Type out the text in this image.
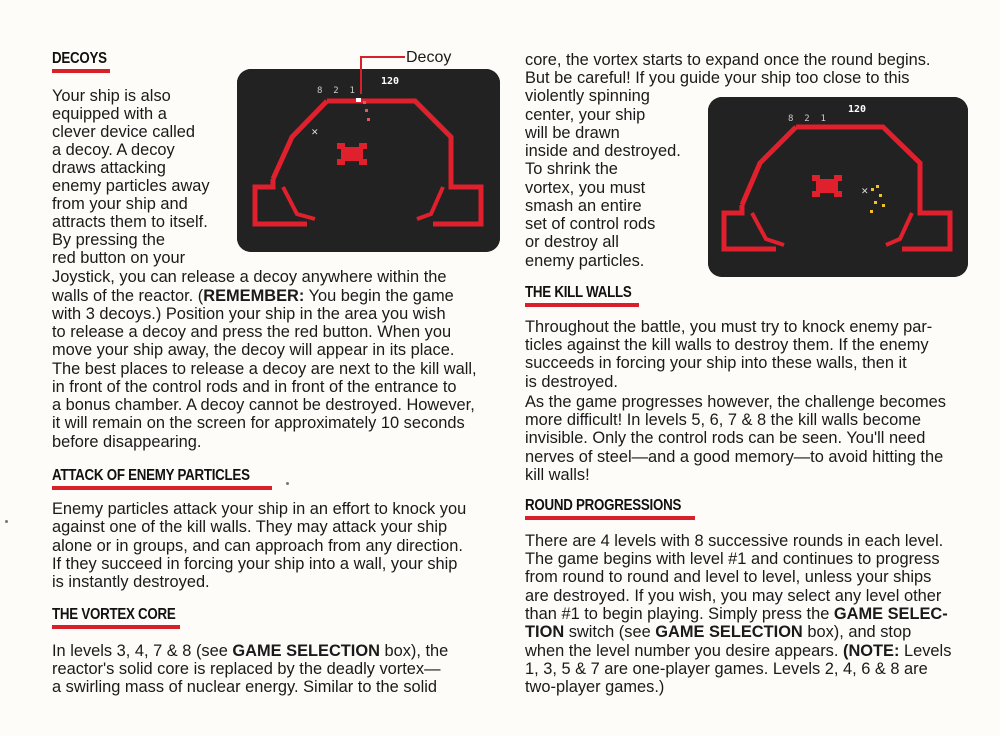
DECOYS

Your ship is also

equipped with a

clever device called

a decoy. A decoy

draws attacking

enemy particles away

from your ship and

attracts them to itself.

By pressing the

red button on your

120
8  2  1
✕
Decoy

Joystick, you can release a decoy anywhere within the

walls of the reactor. (REMEMBER: You begin the game

with 3 decoys.) Position your ship in the area you wish

to release a decoy and press the red button. When you

move your ship away, the decoy will appear in its place.

The best places to release a decoy are next to the kill wall,

in front of the control rods and in front of the entrance to

a bonus chamber. A decoy cannot be destroyed. However,

it will remain on the screen for approximately 10 seconds

before disappearing.

ATTACK OF ENEMY PARTICLES

Enemy particles attack your ship in an effort to knock you

against one of the kill walls. They may attack your ship

alone or in groups, and can approach from any direction.

If they succeed in forcing your ship into a wall, your ship

is instantly destroyed.

THE VORTEX CORE

In levels 3, 4, 7 & 8 (see GAME SELECTION box), the

reactor's solid core is replaced by the deadly vortex—

a swirling mass of nuclear energy. Similar to the solid

core, the vortex starts to expand once the round begins.

But be careful! If you guide your ship too close to this

violently spinning

center, your ship

will be drawn

inside and destroyed.

To shrink the

vortex, you must

smash an entire

set of control rods

or destroy all

enemy particles.

120
8  2  1
✕
THE KILL WALLS

Throughout the battle, you must try to knock enemy par-

ticles against the kill walls to destroy them. If the enemy

succeeds in forcing your ship into these walls, then it

is destroyed.

As the game progresses however, the challenge becomes

more difficult! In levels 5, 6, 7 & 8 the kill walls become

invisible. Only the control rods can be seen. You'll need

nerves of steel—and a good memory—to avoid hitting the

kill walls!

ROUND PROGRESSIONS

There are 4 levels with 8 successive rounds in each level.

The game begins with level #1 and continues to progress

from round to round and level to level, unless your ships

are destroyed. If you wish, you may select any level other

than #1 to begin playing. Simply press the GAME SELEC-

TION switch (see GAME SELECTION box), and stop

when the level number you desire appears. (NOTE: Levels

1, 3, 5 & 7 are one-player games. Levels 2, 4, 6 & 8 are

two-player games.)
